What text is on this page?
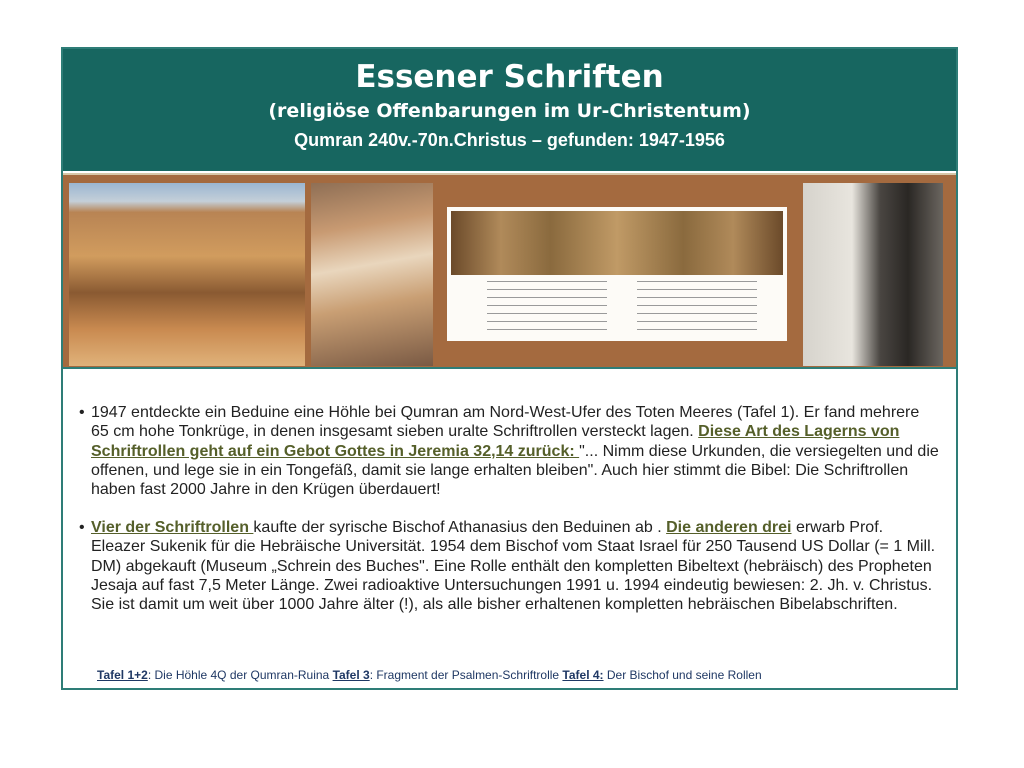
Essener Schriften
(religiöse Offenbarungen im Ur-Christentum)
Qumran 240v.-70n.Christus – gefunden: 1947-1956
• 1947 entdeckte ein Beduine eine Höhle bei Qumran am Nord-West-Ufer des Toten Meeres (Tafel 1). Er fand mehrere 65 cm hohe Tonkrüge, in denen insgesamt sieben uralte Schriftrollen versteckt lagen. Diese Art des Lagerns von Schriftrollen geht auf ein Gebot Gottes in Jeremia 32,14 zurück: "... Nimm diese Urkunden, die versiegelten und die offenen, und lege sie in ein Tongefäß, damit sie lange erhalten bleiben". Auch hier stimmt die Bibel: Die Schriftrollen haben fast 2000 Jahre in den Krügen überdauert!
• Vier der Schriftrollen kaufte der syrische Bischof Athanasius den Beduinen ab . Die anderen drei erwarb Prof. Eleazer Sukenik für die Hebräische Universität. 1954 dem Bischof vom Staat Israel für 250 Tausend US Dollar (= 1 Mill. DM) abgekauft (Museum „Schrein des Buches". Eine Rolle enthält den kompletten Bibeltext (hebräisch) des Propheten Jesaja auf fast 7,5 Meter Länge. Zwei radioaktive Untersuchungen 1991 u. 1994 eindeutig bewiesen: 2. Jh. v. Christus. Sie ist damit um weit über 1000 Jahre älter (!), als alle bisher erhaltenen kompletten hebräischen Bibelabschriften.
Tafel 1+2: Die Höhle 4Q der Qumran-Ruina Tafel 3: Fragment der Psalmen-Schriftrolle Tafel 4: Der Bischof und seine Rollen
